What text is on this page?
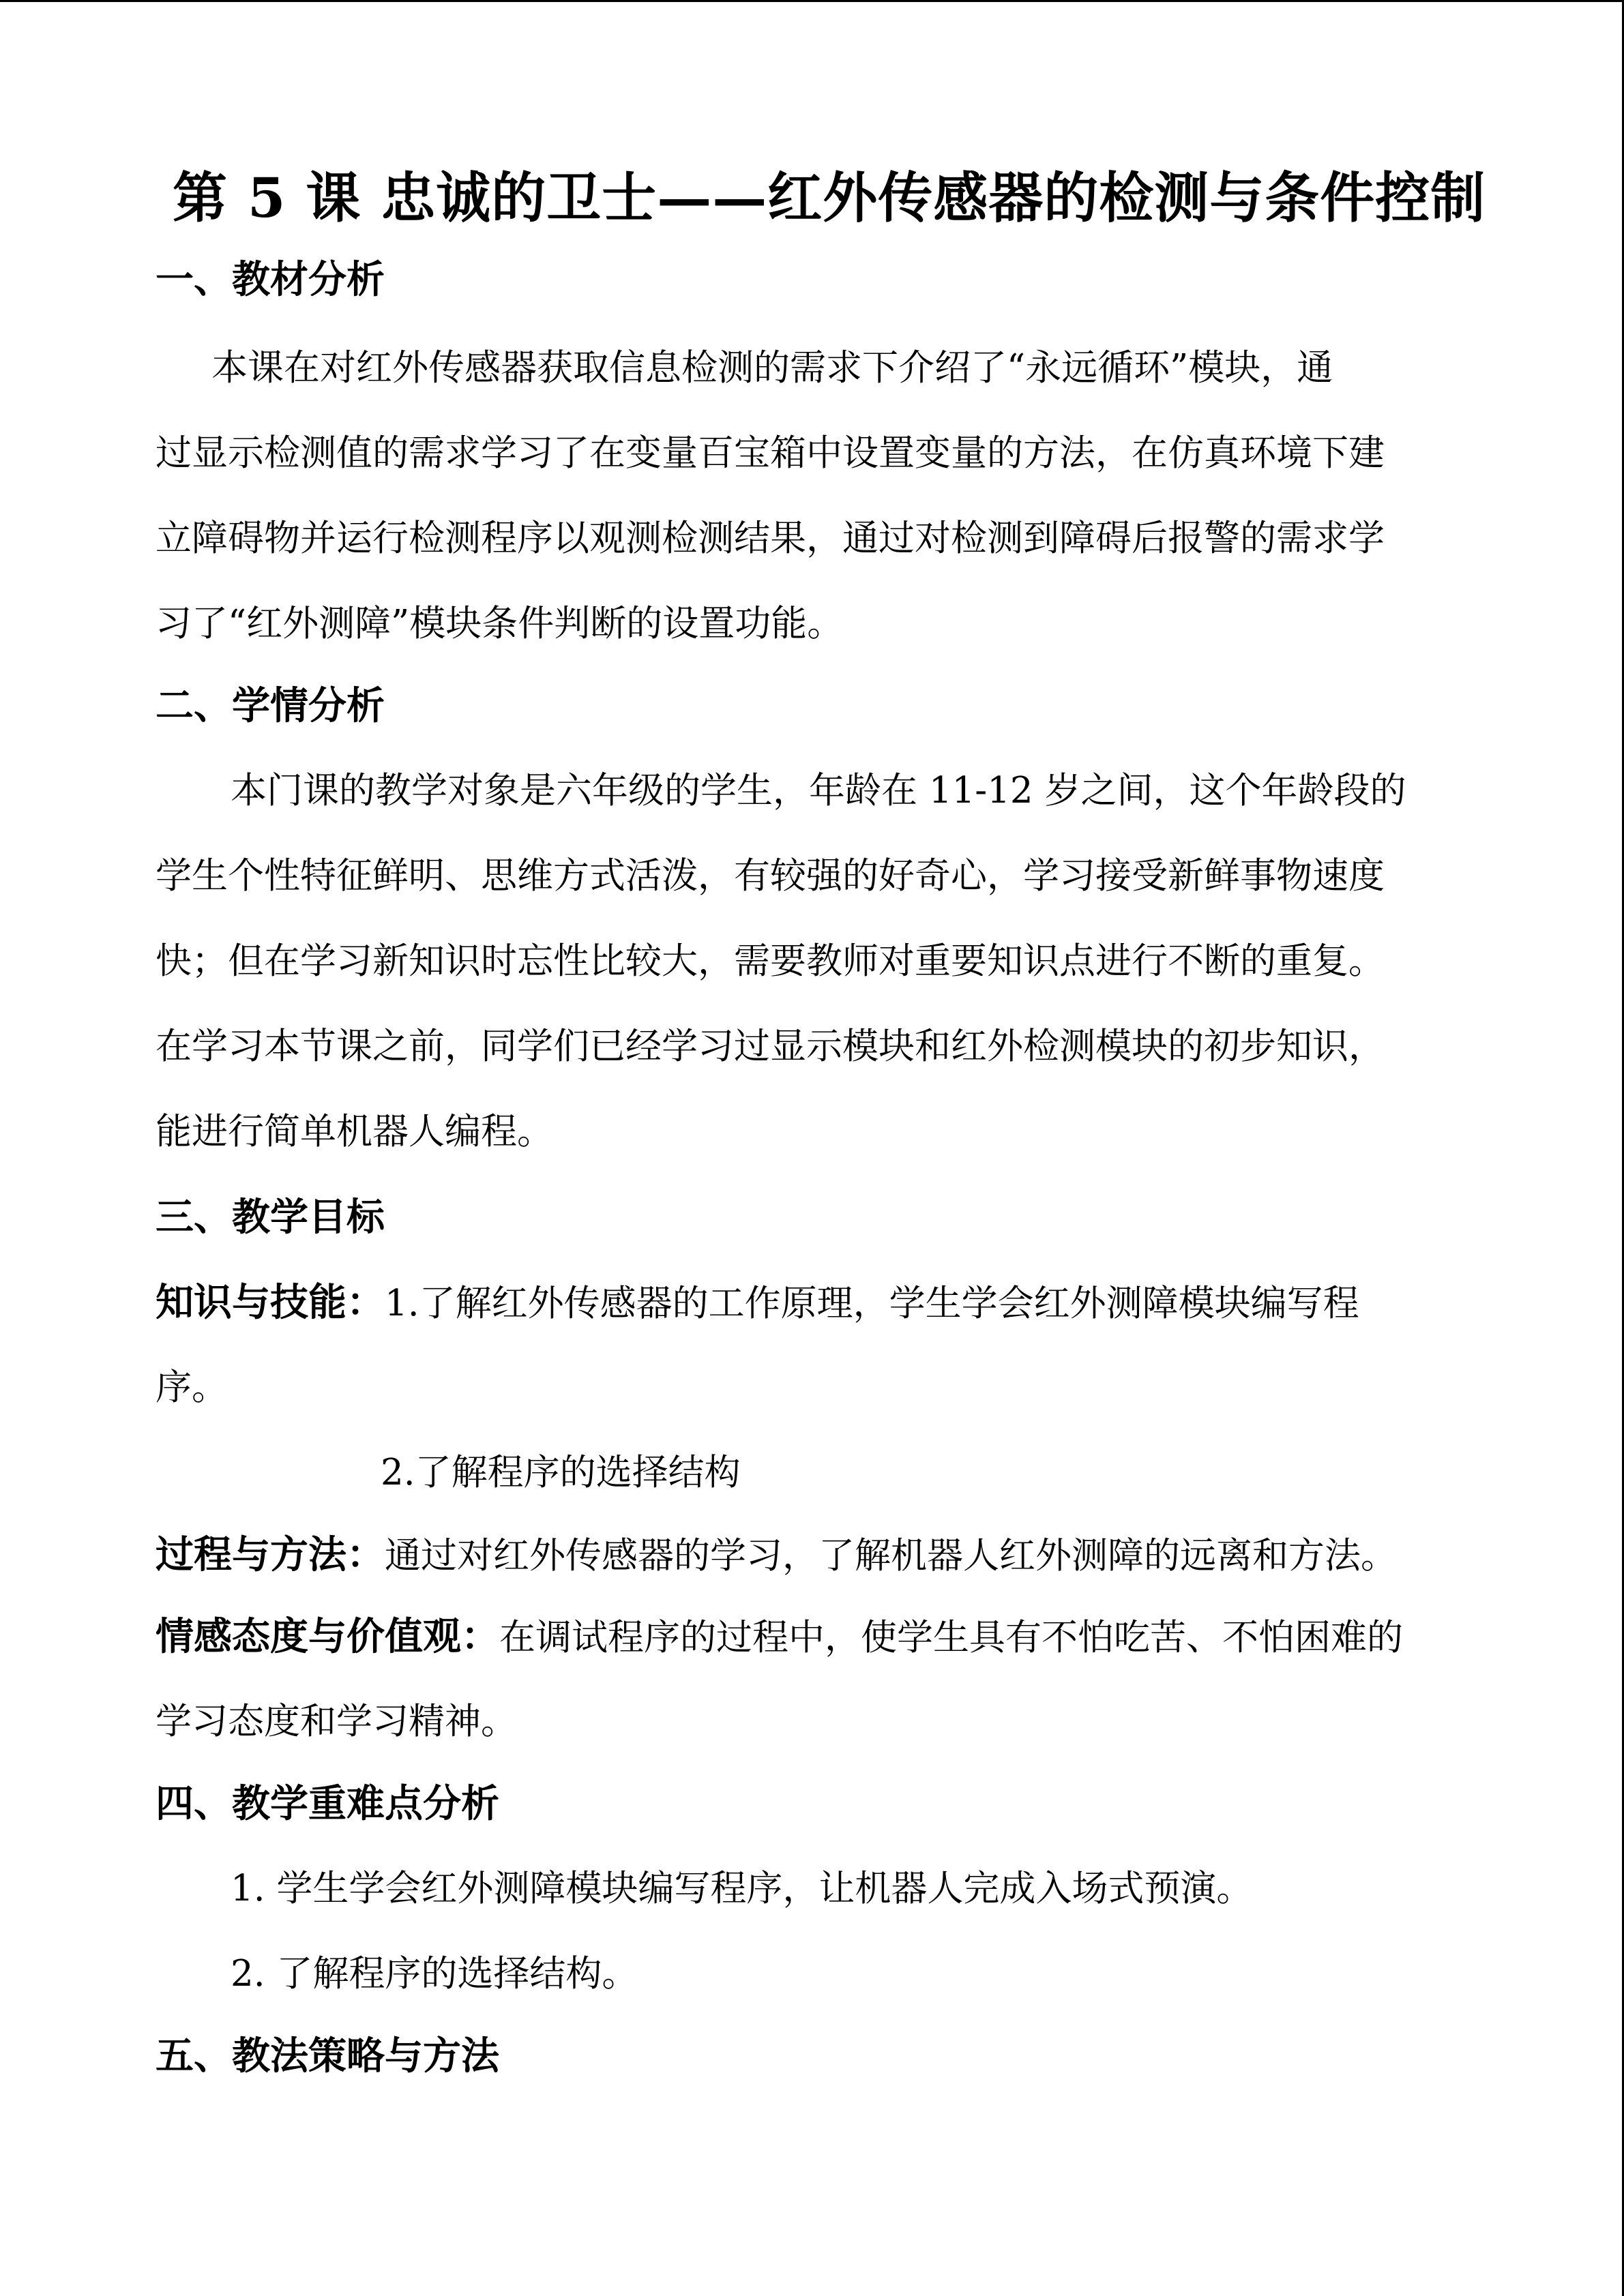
第 5 课 忠诚的卫士——红外传感器的检测与条件控制
一、教材分析
本课在对红外传感器获取信息检测的需求下介绍了“永远循环”模块，通
过显示检测值的需求学习了在变量百宝箱中设置变量的方法，在仿真环境下建
立障碍物并运行检测程序以观测检测结果，通过对检测到障碍后报警的需求学
习了“红外测障”模块条件判断的设置功能。
二、学情分析
本门课的教学对象是六年级的学生，年龄在 11-12 岁之间，这个年龄段的
学生个性特征鲜明、思维方式活泼，有较强的好奇心，学习接受新鲜事物速度
快；但在学习新知识时忘性比较大，需要教师对重要知识点进行不断的重复。
在学习本节课之前，同学们已经学习过显示模块和红外检测模块的初步知识，
能进行简单机器人编程。
三、教学目标
知识与技能：1.了解红外传感器的工作原理，学生学会红外测障模块编写程
序。
2.了解程序的选择结构
过程与方法：通过对红外传感器的学习，了解机器人红外测障的远离和方法。
情感态度与价值观：在调试程序的过程中，使学生具有不怕吃苦、不怕困难的
学习态度和学习精神。
四、教学重难点分析
1. 学生学会红外测障模块编写程序，让机器人完成入场式预演。
2. 了解程序的选择结构。
五、教法策略与方法
